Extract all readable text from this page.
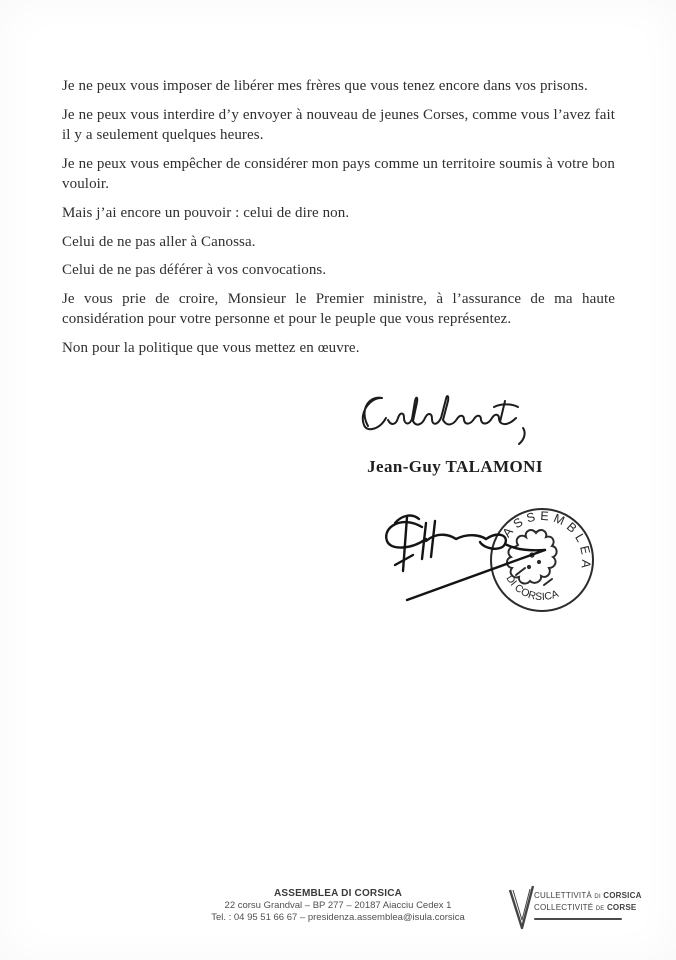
Je ne peux vous imposer de libérer mes frères que vous tenez encore dans vos prisons.

Je ne peux vous interdire d’y envoyer à nouveau de jeunes Corses, comme vous l’avez fait il y a seulement quelques heures.

Je ne peux vous empêcher de considérer mon pays comme un territoire soumis à votre bon vouloir.

Mais j’ai encore un pouvoir : celui de dire non.

Celui de ne pas aller à Canossa.

Celui de ne pas déférer à vos convocations.

Je vous prie de croire, Monsieur le Premier ministre, à l’assurance de ma haute considération pour votre personne et pour le peuple que vous représentez.

Non pour la politique que vous mettez en œuvre.

Jean-Guy TALAMONI
ASSEMBLEA
DI CORSICA
ASSEMBLEA DI CORSICA
22 corsu Grandval – BP 277 – 20187 Aiacciu Cedex 1
Tel. : 04 95 51 66 67 – presidenza.assemblea@isula.corsica
CULLETTIVITÀ DI CORSICA
COLLECTIVITÉ DE CORSE
